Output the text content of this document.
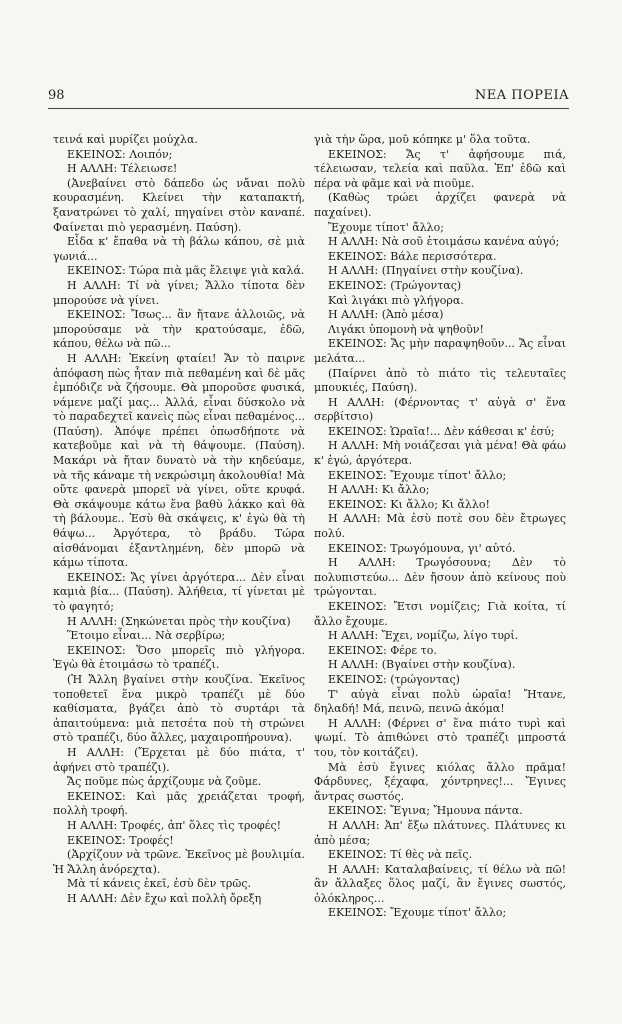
98	ΝΕΑ ΠΟΡΕΙΑ

τεινά καὶ μυρίζει μούχλα.

ΕΚΕΙΝΟΣ: Λοιπόν;

Η ΑΛΛΗ: Τέλειωσε!

(Ἀνεβαίνει στὸ δάπεδο ὡς νἄναι πολὺ κουρασμένη. Κλείνει τὴν καταπακτή, ξανατρώνει τὸ χαλί, πηγαίνει στὸν καναπέ. Φαίνεται πιὸ γερασμένη. Παύση).

Εἶδα κ' ἔπαθα νὰ τὴ βάλω κάπου, σὲ μιὰ γωνιά...

ΕΚΕΙΝΟΣ: Τώρα πιὰ μᾶς ἔλειψε γιὰ καλά.

Η ΑΛΛΗ: Τί νὰ γίνει; Ἄλλο τίποτα δὲν μπορούσε νὰ γίνει.

ΕΚΕΙΝΟΣ: Ἴσως... ἂν ἤτανε ἀλλοιῶς, νὰ μπορούσαμε νὰ τὴν κρατούσαμε, ἐδῶ, κάπου, θέλω νὰ πῶ...

Η ΑΛΛΗ: Ἐκείνη φταίει! Ἄν τὸ παιρνε ἀπόφαση πὼς ἦταν πιὰ πεθαμένη καὶ δὲ μᾶς ἐμπόδιζε νὰ ζήσουμε. Θὰ μποροῦσε φυσικά, νάμενε μαζί μας... Ἀλλά, εἶναι δύσκολο νὰ τὸ παραδεχτεῖ κανεὶς πὼς εἶναι πεθαμένος... (Παύση). Ἀπόψε πρέπει ὁπωσδήποτε νὰ κατεβοῦμε καὶ νὰ τὴ θάψουμε. (Παύση). Μακάρι νὰ ἤταν δυνατὸ νὰ τὴν κηδεύαμε, νὰ τῆς κάναμε τὴ νεκρώσιμη ἀκολουθία! Μὰ οὔτε φανερὰ μπορεῖ νὰ γίνει, οὔτε κρυφά. Θὰ σκάψουμε κάτω ἕνα βαθὺ λάκκο καὶ θὰ τὴ βάλουμε.. Ἐσὺ θὰ σκάψεις, κ' ἐγὼ θὰ τὴ θάψω... Ἀργότερα, τὸ βράδυ. Τώρα αἰσθάνομαι ἐξαντλημένη, δὲν μπορῶ νὰ κάμω τίποτα.

ΕΚΕΙΝΟΣ: Ἄς γίνει ἀργότερα... Δὲν εἶναι καμιὰ βία... (Παύση). Ἀλήθεια, τί γίνεται μὲ τὸ φαγητό;

Η ΑΛΛΗ: (Σηκώνεται πρὸς τὴν κουζίνα)

Ἕτοιμο εἶναι... Νὰ σερβίρω;

ΕΚΕΙΝΟΣ: Ὅσο μπορεῖς πιὸ γλήγορα. Ἐγὼ θὰ ἑτοιμάσω τὸ τραπέζι.

(Ἡ Ἄλλη βγαίνει στὴν κουζίνα. Ἐκεῖνος τοποθετεῖ ἕνα μικρὸ τραπέζι μὲ δύο καθίσματα, βγάζει ἀπὸ τὸ συρτάρι τὰ ἀπαιτούμενα: μιὰ πετσέτα ποὺ τὴ στρώνει στὸ τραπέζι, δύο ἄλλες, μαχαιροπήρουνα).

Η ΑΛΛΗ: (Ἔρχεται μὲ δύο πιάτα, τ' ἀφήνει στὸ τραπέζι).

Ἄς ποῦμε πὼς ἀρχίζουμε νὰ ζοῦμε.

ΕΚΕΙΝΟΣ: Καὶ μᾶς χρειάζεται τροφή, πολλὴ τροφή.

Η ΑΛΛΗ: Τροφές, ἀπ' ὅλες τὶς τροφές!

ΕΚΕΙΝΟΣ: Τροφές!

(Ἀρχίζουν νὰ τρῶνε. Ἐκεῖνος μὲ βουλιμία. Ἡ Ἄλλη ἀνόρεχτα).

Μὰ τί κάνεις ἐκεῖ, ἐσὺ δὲν τρῶς.

Η ΑΛΛΗ: Δὲν ἔχω καὶ πολλὴ ὄρεξη

γιὰ τὴν ὥρα, μοῦ κόπηκε μ' ὅλα τοῦτα.

ΕΚΕΙΝΟΣ: Ἄς τ' ἀφήσουμε πιά, τέλειωσαν, τελεία καὶ παῦλα. Ἐπ' ἐδῶ καὶ πέρα νὰ φᾶμε καὶ νὰ πιοῦμε.

(Καθὼς τρώει ἀρχίζει φανερὰ νὰ παχαίνει).

Ἔχουμε τίποτ' ἄλλο;

Η ΑΛΛΗ: Νὰ σοῦ ἑτοιμάσω κανένα αὐγό;

ΕΚΕΙΝΟΣ: Βάλε περισσότερα.

Η ΑΛΛΗ: (Πηγαίνει στὴν κουζίνα).

ΕΚΕΙΝΟΣ: (Τρώγοντας)

Καὶ λιγάκι πιὸ γλήγορα.

Η ΑΛΛΗ: (Ἀπὸ μέσα)

Λιγάκι ὑπομονὴ νὰ ψηθοῦν!

ΕΚΕΙΝΟΣ: Ἄς μὴν παραψηθοῦν... Ἄς εἶναι μελάτα...

(Παίρνει ἀπὸ τὸ πιάτο τὶς τελευταῖες μπουκιές, Παύση).

Η ΑΛΛΗ: (Φέρνοντας τ' αὐγὰ σ' ἕνα σερβίτσιο)

ΕΚΕΙΝΟΣ: Ὡραῖα!... Δὲν κάθεσαι κ' ἐσύ;

Η ΑΛΛΗ: Μὴ νοιάζεσαι γιὰ μένα! Θὰ φάω κ' ἐγώ, ἀργότερα.

ΕΚΕΙΝΟΣ: Ἔχουμε τίποτ' ἄλλο;

Η ΑΛΛΗ: Κι ἄλλο;

ΕΚΕΙΝΟΣ: Κι ἄλλο; Κι ἄλλο!

Η ΑΛΛΗ: Μὰ ἐσὺ ποτὲ σου δὲν ἔτρωγες πολύ.

ΕΚΕΙΝΟΣ: Τρωγόμουνα, γι' αὐτό.

Η ΑΛΛΗ: Τρωγόσουνα; Δὲν τὸ πολυπιστεύω... Δὲν ἤσουν ἀπὸ κείνους ποὺ τρώγονται.

ΕΚΕΙΝΟΣ: Ἔτσι νομίζεις; Γιὰ κοίτα, τί ἄλλο ἔχουμε.

Η ΑΛΛΗ: Ἔχει, νομίζω, λίγο τυρί.

ΕΚΕΙΝΟΣ: Φέρε το.

Η ΑΛΛΗ: (Βγαίνει στὴν κουζίνα).

ΕΚΕΙΝΟΣ: (τρώγοντας)

Τ' αὐγὰ εἶναι πολὺ ὡραῖα! Ἤτανε, δηλαδή! Μά, πεινῶ, πεινῶ ἀκόμα!

Η ΑΛΛΗ: (Φέρνει σ' ἕνα πιάτο τυρὶ καὶ ψωμί. Τὸ ἀπιθώνει στὸ τραπέζι μπροστά του, τὸν κοιτάζει).

Μὰ ἐσὺ ἔγινες κιόλας ἄλλο πρᾶμα! Φάρδυνες, ξέχαφα, χόντρηνες!... Ἔγινες ἄντρας σωστός.

ΕΚΕΙΝΟΣ: Ἔγινα; Ἤμουνα πάντα.

Η ΑΛΛΗ: Ἀπ' ἔξω πλάτυνες. Πλάτυνες κι ἀπὸ μέσα;

ΕΚΕΙΝΟΣ: Τί θὲς νὰ πεῖς.

Η ΑΛΛΗ: Καταλαβαίνεις, τί θέλω νὰ πῶ! ἂν ἄλλαξες ὅλος μαζί, ἂν ἔγινες σωστός, ὁλόκληρος...

ΕΚΕΙΝΟΣ: Ἔχουμε τίποτ' ἄλλο;
